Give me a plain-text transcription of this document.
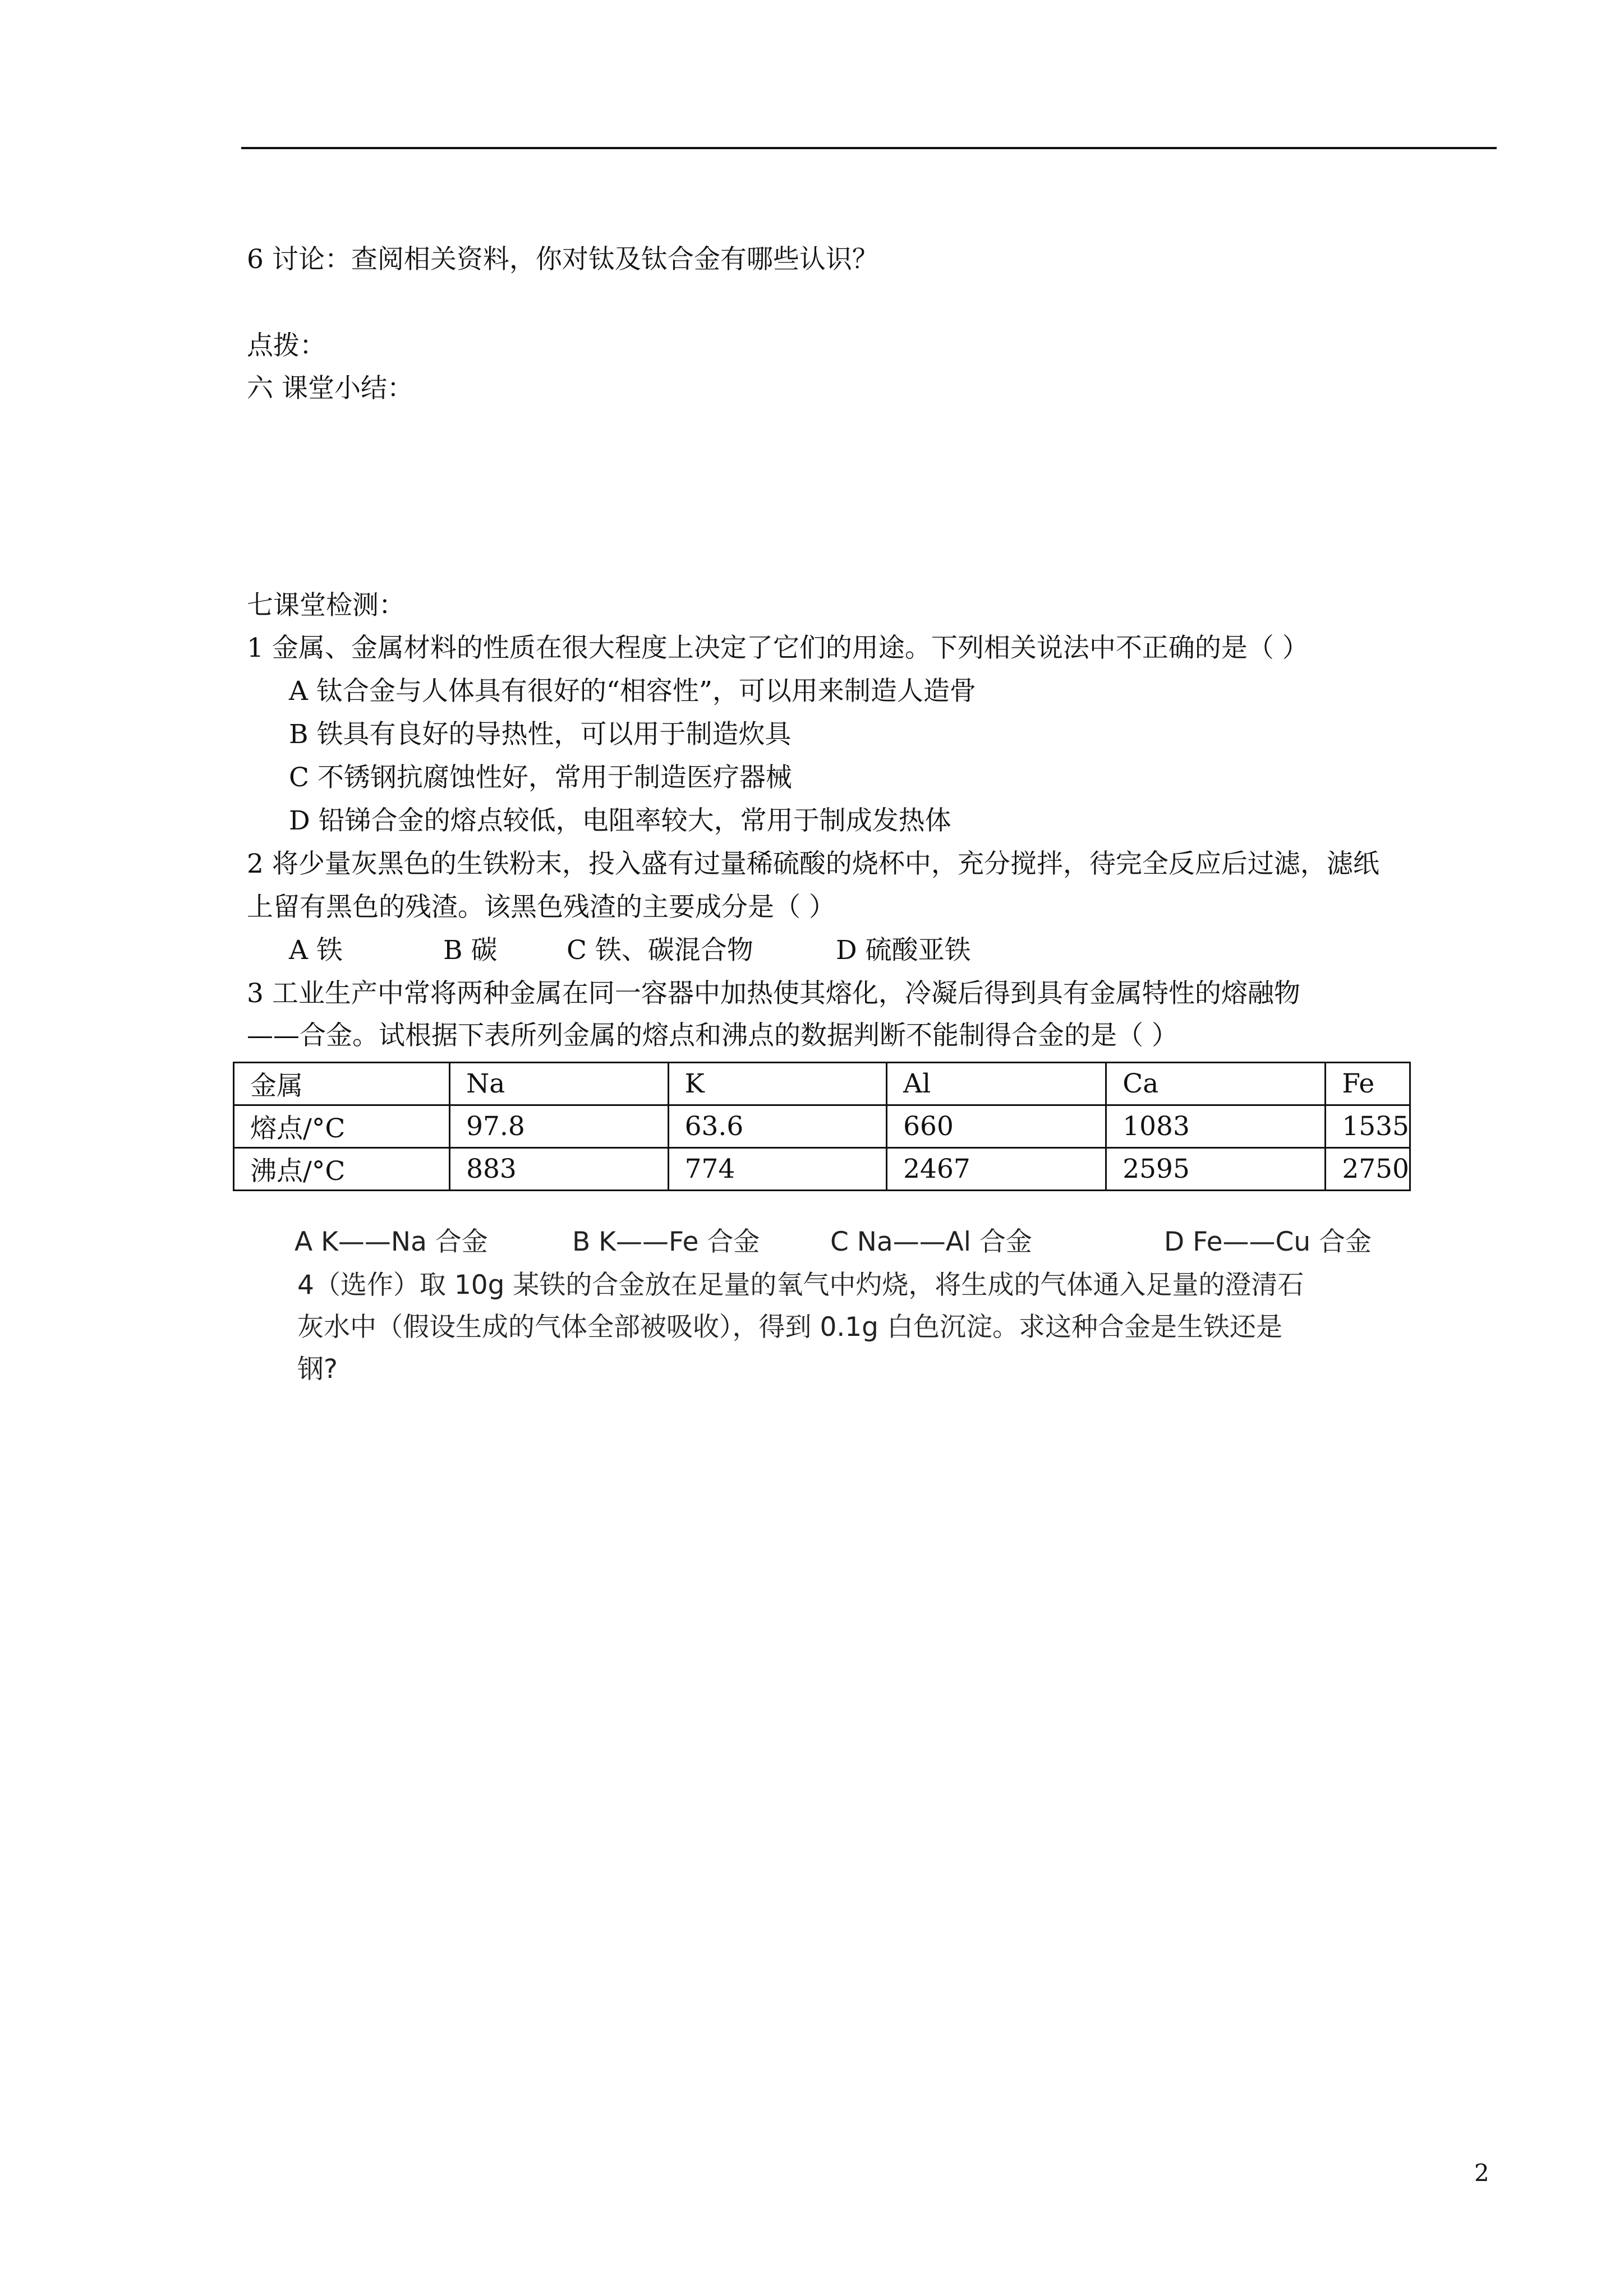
6 讨论：查阅相关资料，你对钛及钛合金有哪些认识？
点拨：
六 课堂小结：
七课堂检测：
1 金属、金属材料的性质在很大程度上决定了它们的用途。下列相关说法中不正确的是（ ）
A 钛合金与人体具有很好的“相容性”，可以用来制造人造骨
B 铁具有良好的导热性，可以用于制造炊具
C 不锈钢抗腐蚀性好，常用于制造医疗器械
D 铅锑合金的熔点较低，电阻率较大，常用于制成发热体
2 将少量灰黑色的生铁粉末，投入盛有过量稀硫酸的烧杯中，充分搅拌，待完全反应后过滤，滤纸
上留有黑色的残渣。该黑色残渣的主要成分是（ ）
A 铁	B 碳	C 铁、碳混合物	D 硫酸亚铁
3 工业生产中常将两种金属在同一容器中加热使其熔化，冷凝后得到具有金属特性的熔融物
——合金。试根据下表所列金属的熔点和沸点的数据判断不能制得合金的是（ ）
金属	Na	K	Al	Ca	Fe
熔点/°C	97.8	63.6	660	1083	1535
沸点/°C	883	774	2467	2595	2750
A K——Na 合金	B K——Fe 合金	C Na——Al 合金	D Fe——Cu 合金
4（选作）取 10g 某铁的合金放在足量的氧气中灼烧，将生成的气体通入足量的澄清石
灰水中（假设生成的气体全部被吸收），得到 0.1g 白色沉淀。求这种合金是生铁还是
钢?
2
